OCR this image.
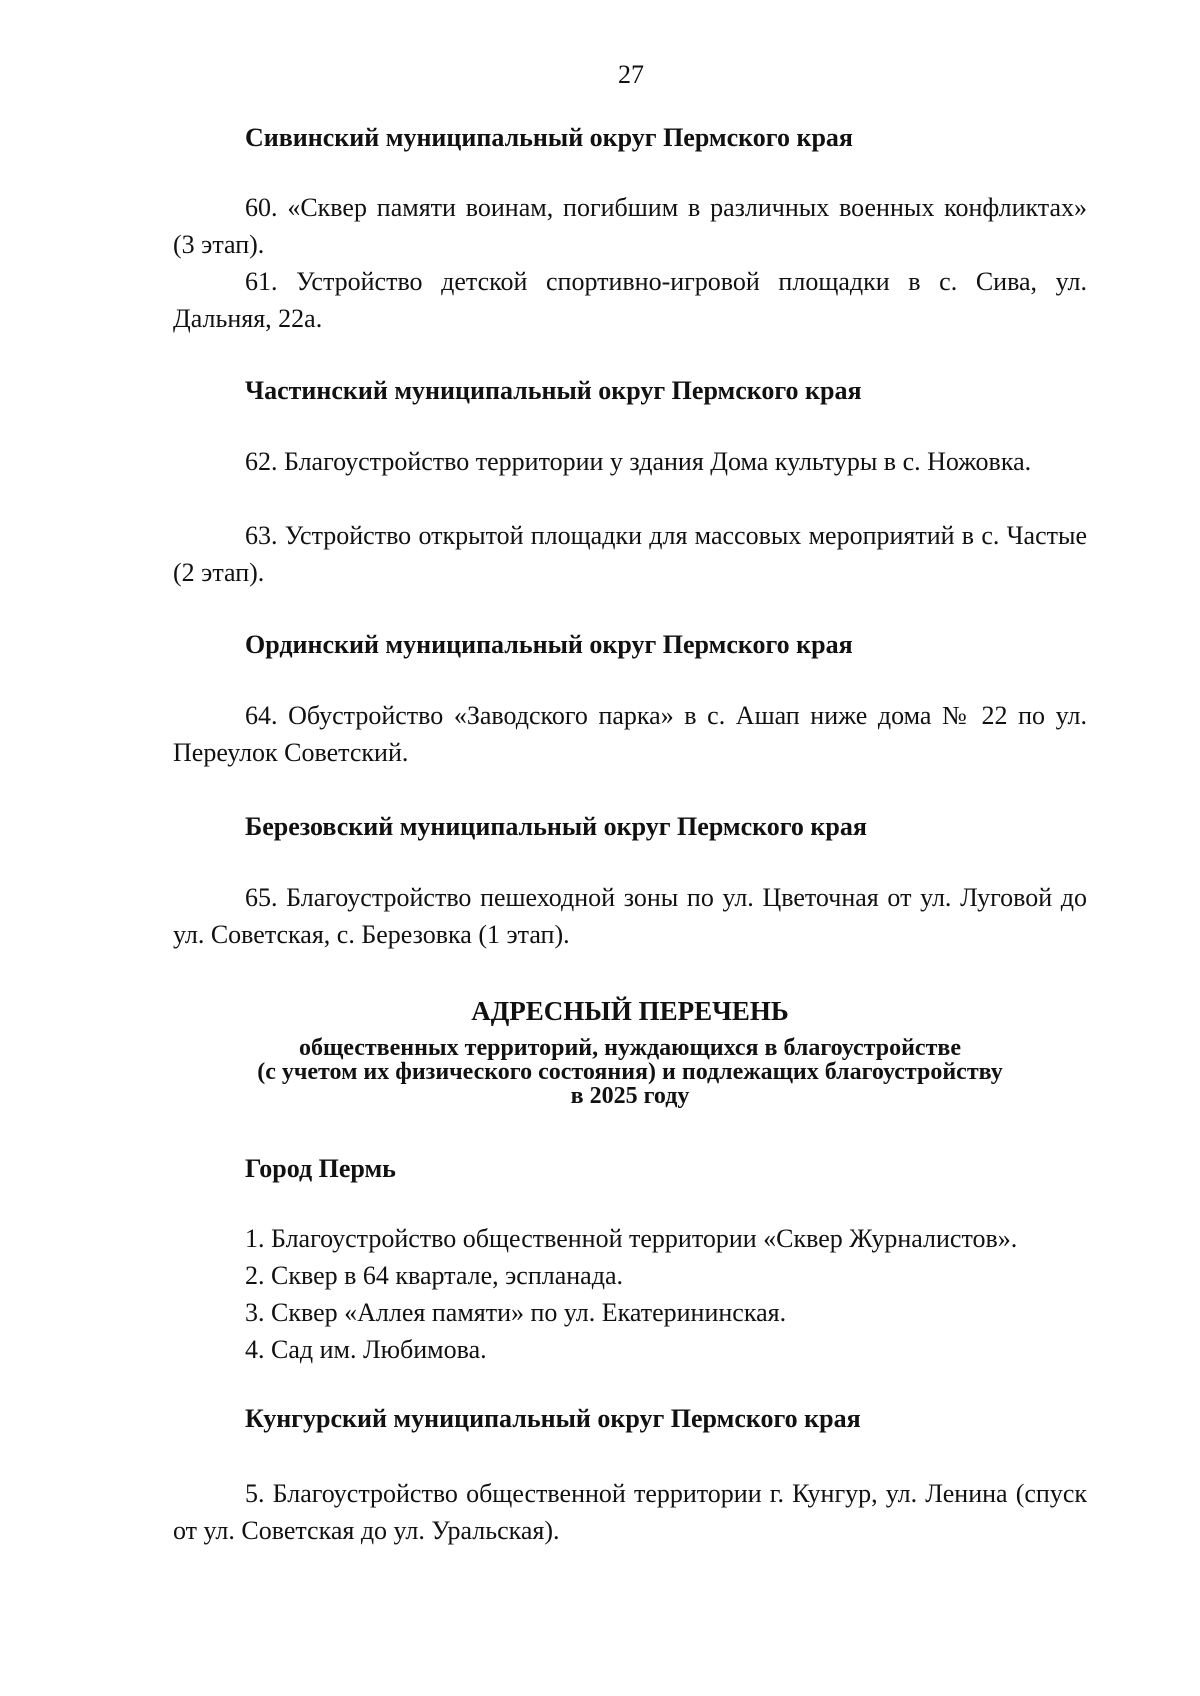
27
Сивинский муниципальный округ Пермского края
60. «Сквер памяти воинам, погибшим в различных военных конфликтах» (3 этап).
61. Устройство детской спортивно-игровой площадки в с. Сива, ул. Дальняя, 22а.
Частинский муниципальный округ Пермского края
62. Благоустройство территории у здания Дома культуры в с. Ножовка.
63. Устройство открытой площадки для массовых мероприятий в с. Частые (2 этап).
Ординский муниципальный округ Пермского края
64. Обустройство «Заводского парка» в с. Ашап ниже дома № 22 по ул. Переулок Советский.
Березовский муниципальный округ Пермского края
65. Благоустройство пешеходной зоны по ул. Цветочная от ул. Луговой до ул. Советская, с. Березовка (1 этап).
АДРЕСНЫЙ ПЕРЕЧЕНЬ
общественных территорий, нуждающихся в благоустройстве
(с учетом их физического состояния) и подлежащих благоустройству
в 2025 году
Город Пермь
1. Благоустройство общественной территории «Сквер Журналистов».
2. Сквер в 64 квартале, эспланада.
3. Сквер «Аллея памяти» по ул. Екатерининская.
4. Сад им. Любимова.
Кунгурский муниципальный округ Пермского края
5. Благоустройство общественной территории г. Кунгур, ул. Ленина (спуск от ул. Советская до ул. Уральская).
